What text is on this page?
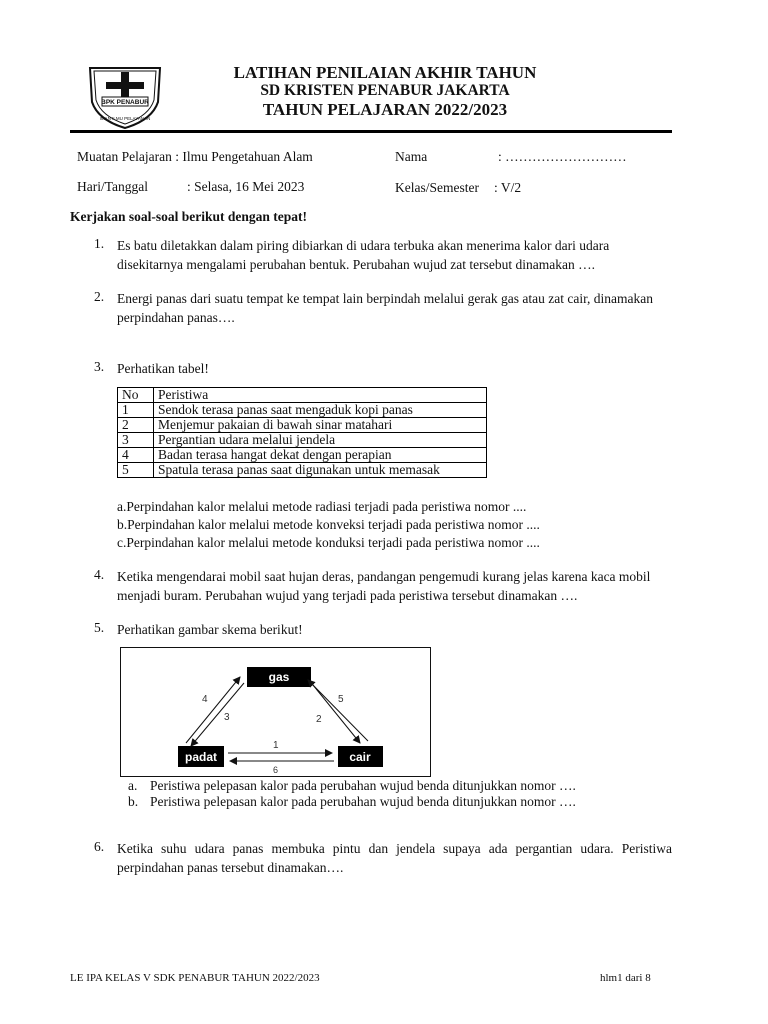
BPK PENABUR
IMAN ILMU PELAYANAN
LATIHAN PENILAIAN AKHIR TAHUN
SD KRISTEN PENABUR JAKARTA
TAHUN PELAJARAN 2022/2023
Muatan Pelajaran : Ilmu Pengetahuan Alam	Nama	: ………………………
Hari/Tanggal	: Selasa, 16 Mei 2023	Kelas/Semester : V/2
Kerjakan soal-soal berikut dengan tepat!
1. Es batu diletakkan dalam piring dibiarkan di udara terbuka akan menerima kalor dari udara disekitarnya mengalami perubahan bentuk. Perubahan wujud zat tersebut dinamakan ….
2. Energi panas dari suatu tempat ke tempat lain berpindah melalui gerak gas atau zat cair, dinamakan perpindahan panas….
3. Perhatikan tabel!
No	Peristiwa
1	Sendok terasa panas saat mengaduk kopi panas
2	Menjemur pakaian di bawah sinar matahari
3	Pergantian udara melalui jendela
4	Badan terasa hangat dekat dengan perapian
5	Spatula terasa panas saat digunakan untuk memasak
a.Perpindahan kalor melalui metode radiasi terjadi pada peristiwa nomor ....
b.Perpindahan kalor melalui metode konveksi terjadi pada peristiwa nomor ....
c.Perpindahan kalor melalui metode konduksi terjadi pada peristiwa nomor ....
4. Ketika mengendarai mobil saat hujan deras, pandangan pengemudi kurang jelas karena kaca mobil menjadi buram. Perubahan wujud yang terjadi pada peristiwa tersebut dinamakan ….
5. Perhatikan gambar skema berikut!
gas
padat	cair
4
3	2
5
1
6
a. Peristiwa pelepasan kalor pada perubahan wujud benda ditunjukkan nomor ….
b. Peristiwa pelepasan kalor pada perubahan wujud benda ditunjukkan nomor ….
6. Ketika suhu udara panas membuka pintu dan jendela supaya ada pergantian udara. Peristiwa perpindahan panas tersebut dinamakan….
LE IPA KELAS V SDK PENABUR TAHUN 2022/2023	hlm1 dari 8
